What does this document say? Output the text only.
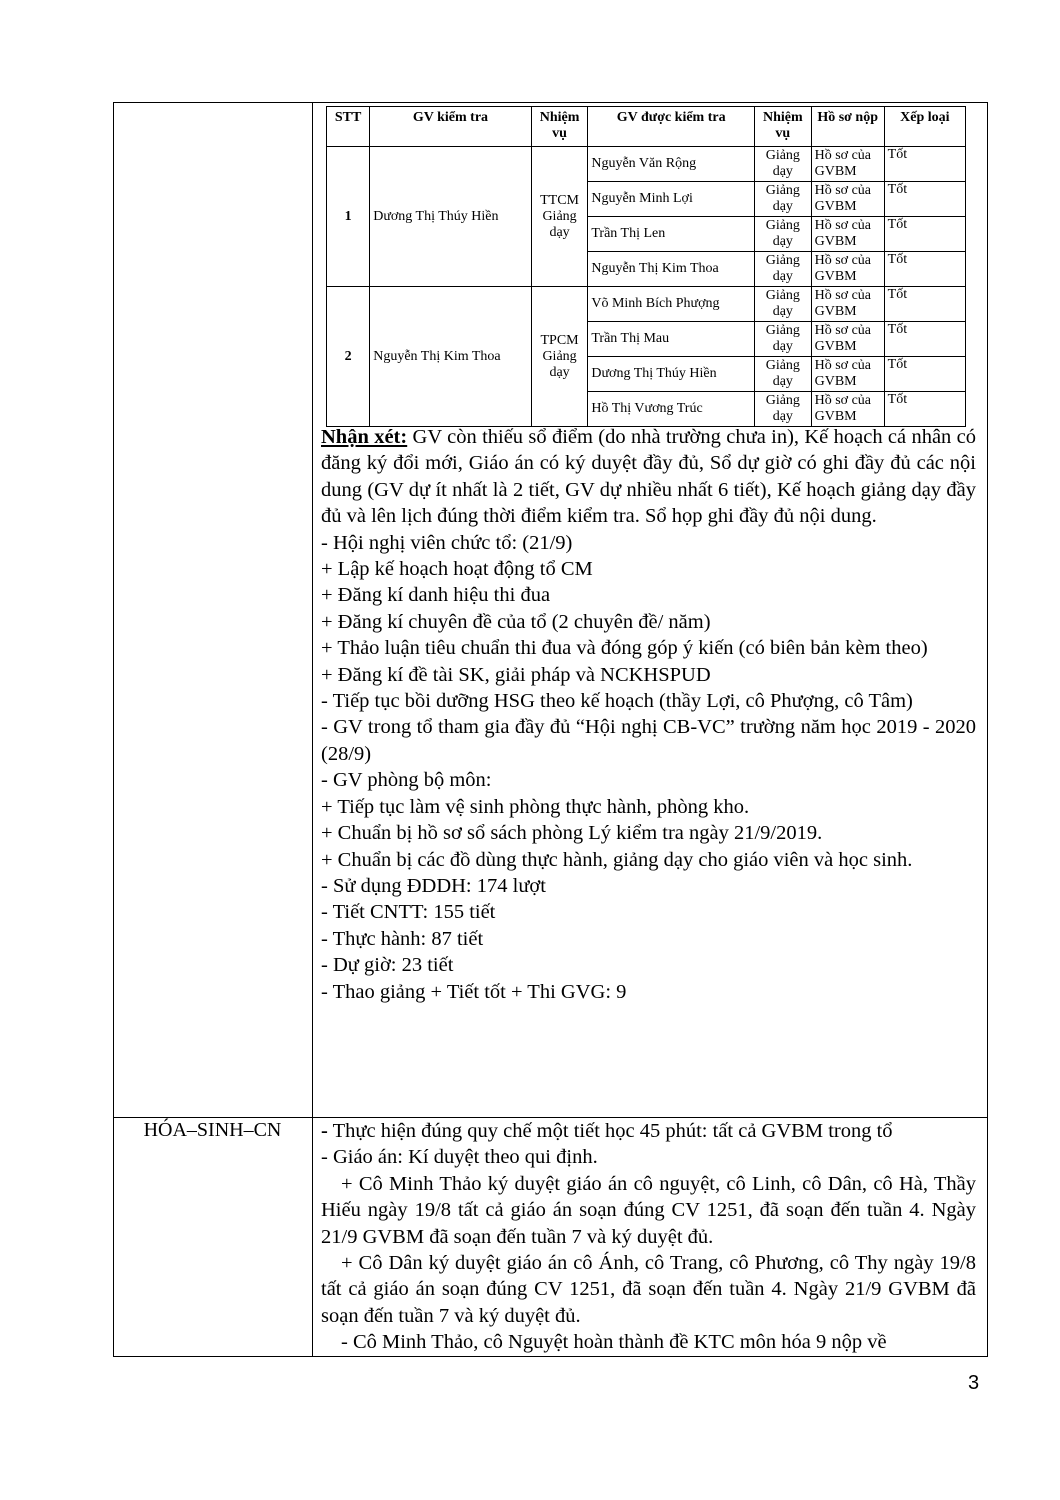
HÓA–SINH–CN
STT	GV kiểm tra	Nhiệm vụ	GV được kiểm tra	Nhiệm vụ	Hồ sơ nộp	Xếp loại
1	Dương Thị Thúy Hiền	TTCM Giảng dạy	Nguyễn Văn Rộng	Giảng dạy	Hồ sơ của GVBM	Tốt
			Nguyễn Minh Lợi	Giảng dạy	Hồ sơ của GVBM	Tốt
			Trần Thị Len	Giảng dạy	Hồ sơ của GVBM	Tốt
			Nguyễn Thị Kim Thoa	Giảng dạy	Hồ sơ của GVBM	Tốt
2	Nguyễn Thị Kim Thoa	TPCM Giảng dạy	Võ Minh Bích Phượng	Giảng dạy	Hồ sơ của GVBM	Tốt
			Trần Thị Mau	Giảng dạy	Hồ sơ của GVBM	Tốt
			Dương Thị Thúy Hiền	Giảng dạy	Hồ sơ của GVBM	Tốt
			Hồ Thị Vương Trúc	Giảng dạy	Hồ sơ của GVBM	Tốt

Nhận xét: GV còn thiếu sổ điểm (do nhà trường chưa in), Kế hoạch cá nhân có đăng ký đổi mới, Giáo án có ký duyệt đầy đủ, Sổ dự giờ có ghi đầy đủ các nội dung (GV dự ít nhất là 2 tiết, GV dự nhiều nhất 6 tiết), Kế hoạch giảng dạy đầy đủ và lên lịch đúng thời điểm kiểm tra. Sổ họp ghi đầy đủ nội dung.

- Hội nghị viên chức tổ: (21/9)

+ Lập kế hoạch hoạt động tổ CM

+ Đăng kí danh hiệu thi đua

+ Đăng kí chuyên đề của tổ (2 chuyên đề/ năm)

+ Thảo luận tiêu chuẩn thi đua và đóng góp ý kiến (có biên bản kèm theo)

+ Đăng kí đề tài SK, giải pháp và NCKHSPUD

- Tiếp tục bồi dưỡng HSG theo kế hoạch (thầy Lợi, cô Phượng, cô Tâm)

- GV trong tổ tham gia đầy đủ “Hội nghị CB-VC” trường năm học 2019 - 2020 (28/9)

- GV phòng bộ môn:

+ Tiếp tục làm vệ sinh phòng thực hành, phòng kho.

+ Chuẩn bị hồ sơ sổ sách phòng Lý kiểm tra ngày 21/9/2019.

+ Chuẩn bị các đồ dùng thực hành, giảng dạy cho giáo viên và học sinh.

- Sử dụng ĐDDH: 174 lượt

- Tiết CNTT: 155 tiết

- Thực hành: 87 tiết

- Dự giờ: 23 tiết

- Thao giảng + Tiết tốt + Thi GVG: 9

- Thực hiện đúng quy chế một tiết học 45 phút: tất cả GVBM trong tổ

- Giáo án: Kí duyệt theo qui định.

+ Cô Minh Thảo ký duyệt giáo án cô nguyệt, cô Linh, cô Dân, cô Hà, Thầy Hiếu ngày 19/8 tất cả giáo án soạn đúng CV 1251, đã soạn đến tuần 4. Ngày 21/9 GVBM đã soạn đến tuần 7 và ký duyệt đủ.

+ Cô Dân ký duyệt giáo án cô Ánh, cô Trang, cô Phương, cô Thy ngày 19/8 tất cả giáo án soạn đúng CV 1251, đã soạn đến tuần 4. Ngày 21/9 GVBM đã soạn đến tuần 7 và ký duyệt đủ.

- Cô Minh Thảo, cô Nguyệt hoàn thành đề KTC môn hóa 9 nộp về

3
